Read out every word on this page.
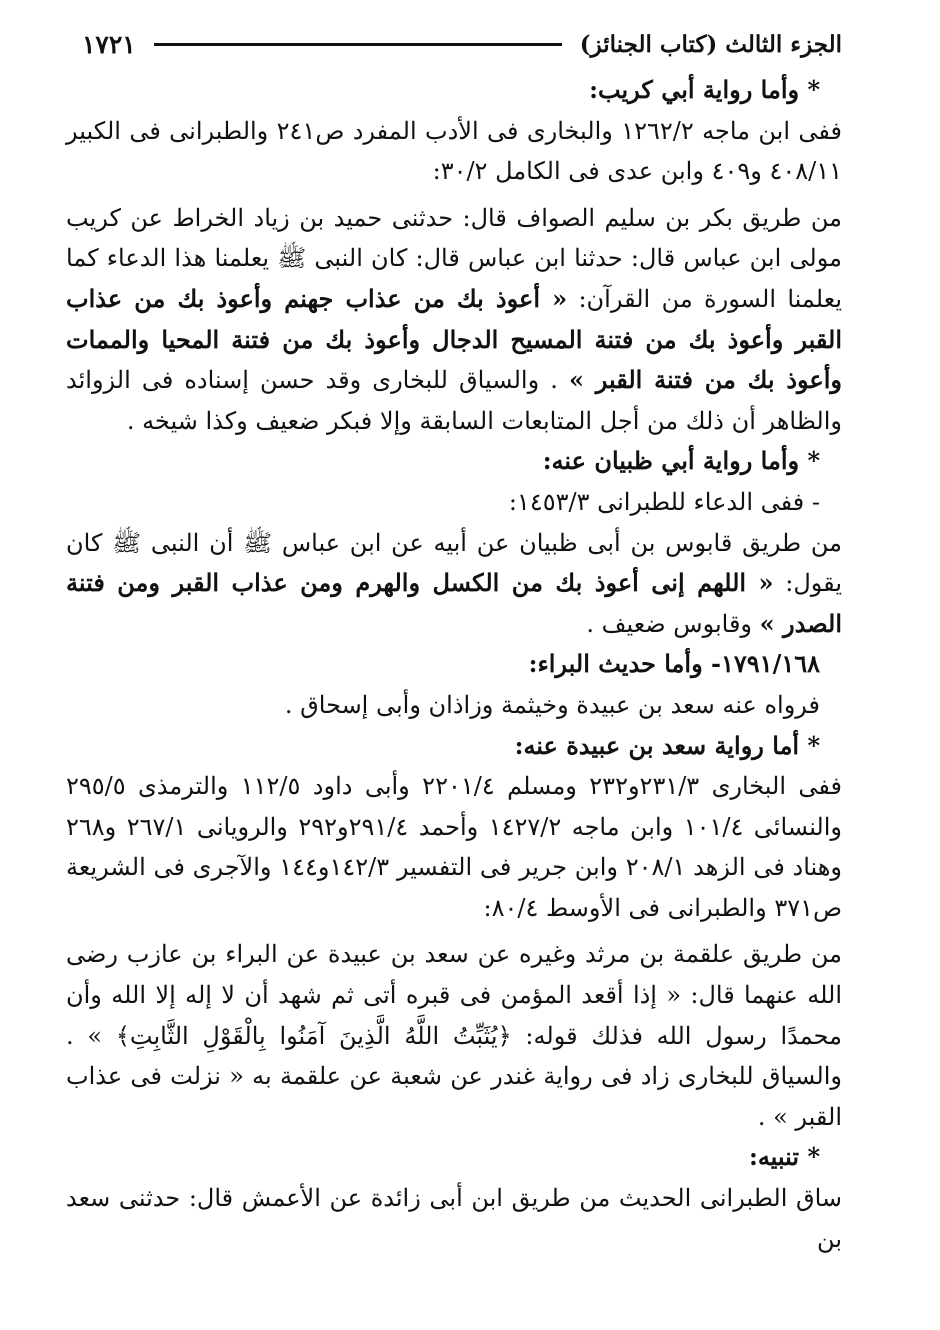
الجزء الثالث (كتاب الجنائز)
١٧٢١

* وأما رواية أبي كريب:

ففى ابن ماجه ١٢٦٢/٢ والبخارى فى الأدب المفرد ص٢٤١ والطبرانى فى الكبير ٤٠٨/١١ و٤٠٩ وابن عدى فى الكامل ٣٠/٢:

من طريق بكر بن سليم الصواف قال: حدثنى حميد بن زياد الخراط عن كريب مولى ابن عباس قال: حدثنا ابن عباس قال: كان النبى ﷺ يعلمنا هذا الدعاء كما يعلمنا السورة من القرآن: « أعوذ بك من عذاب جهنم وأعوذ بك من عذاب القبر وأعوذ بك من فتنة المسيح الدجال وأعوذ بك من فتنة المحيا والممات وأعوذ بك من فتنة القبر » . والسياق للبخارى وقد حسن إسناده فى الزوائد والظاهر أن ذلك من أجل المتابعات السابقة وإلا فبكر ضعيف وكذا شيخه .

* وأما رواية أبي ظبيان عنه:

- ففى الدعاء للطبرانى ١٤٥٣/٣:

من طريق قابوس بن أبى ظبيان عن أبيه عن ابن عباس ﷺ أن النبى ﷺ كان يقول: « اللهم إنى أعوذ بك من الكسل والهرم ومن عذاب القبر ومن فتنة الصدر » وقابوس ضعيف .

١٧٩١/١٦٨- وأما حديث البراء:

فرواه عنه سعد بن عبيدة وخيثمة وزاذان وأبى إسحاق .

* أما رواية سعد بن عبيدة عنه:

ففى البخارى ٢٣١/٣و٢٣٢ ومسلم ٢٢٠١/٤ وأبى داود ١١٢/٥ والترمذى ٢٩٥/٥ والنسائى ١٠١/٤ وابن ماجه ١٤٢٧/٢ وأحمد ٢٩١/٤و٢٩٢ والرويانى ٢٦٧/١ و٢٦٨ وهناد فى الزهد ٢٠٨/١ وابن جرير فى التفسير ١٤٢/٣و١٤٤ والآجرى فى الشريعة ص٣٧١ والطبرانى فى الأوسط ٨٠/٤:

من طريق علقمة بن مرثد وغيره عن سعد بن عبيدة عن البراء بن عازب رضى الله عنهما قال: « إذا أقعد المؤمن فى قبره أتى ثم شهد أن لا إله إلا الله وأن محمدًا رسول الله فذلك قوله: ﴿يُثَبِّتُ اللَّهُ الَّذِينَ آمَنُوا بِالْقَوْلِ الثَّابِتِ﴾ » . والسياق للبخارى زاد فى رواية غندر عن شعبة عن علقمة به « نزلت فى عذاب القبر » .

* تنبيه:

ساق الطبرانى الحديث من طريق ابن أبى زائدة عن الأعمش قال: حدثنى سعد بن
